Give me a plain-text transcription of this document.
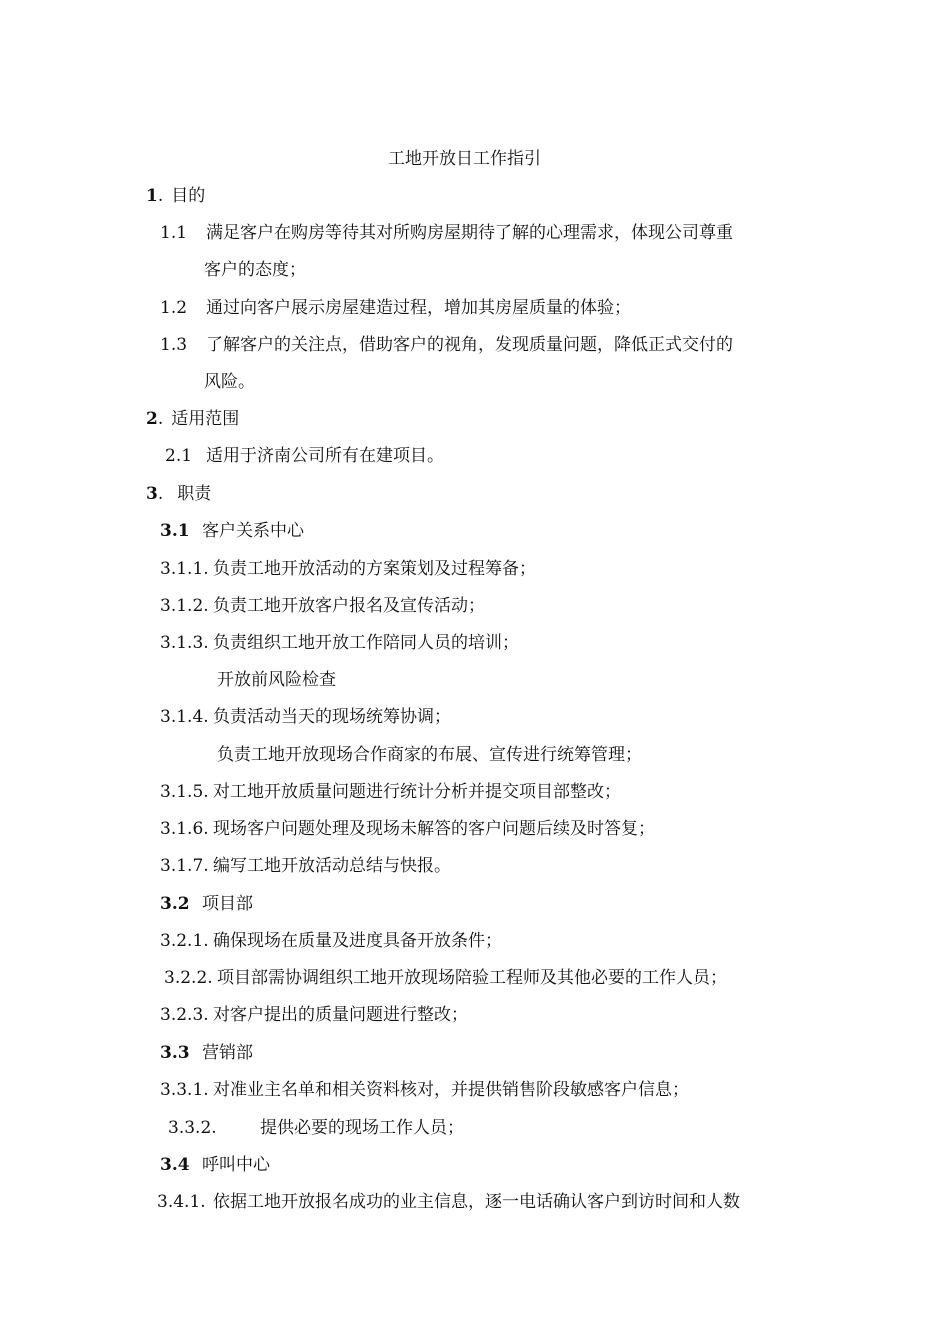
工地开放日工作指引
1. 目的
1.1 满足客户在购房等待其对所购房屋期待了解的心理需求，体现公司尊重
客户的态度；
1.2 通过向客户展示房屋建造过程，增加其房屋质量的体验；
1.3 了解客户的关注点，借助客户的视角，发现质量问题，降低正式交付的
风险。
2. 适用范围
2.1 适用于济南公司所有在建项目。
3. 职责
3.1 客户关系中心
3.1.1. 负责工地开放活动的方案策划及过程筹备；
3.1.2. 负责工地开放客户报名及宣传活动；
3.1.3. 负责组织工地开放工作陪同人员的培训；
开放前风险检查
3.1.4. 负责活动当天的现场统筹协调；
负责工地开放现场合作商家的布展、宣传进行统筹管理；
3.1.5. 对工地开放质量问题进行统计分析并提交项目部整改；
3.1.6. 现场客户问题处理及现场未解答的客户问题后续及时答复；
3.1.7. 编写工地开放活动总结与快报。
3.2 项目部
3.2.1. 确保现场在质量及进度具备开放条件；
3.2.2. 项目部需协调组织工地开放现场陪验工程师及其他必要的工作人员；
3.2.3. 对客户提出的质量问题进行整改；
3.3 营销部
3.3.1. 对准业主名单和相关资料核对，并提供销售阶段敏感客户信息；
3.3.2.	提供必要的现场工作人员；
3.4 呼叫中心
3.4.1. 依据工地开放报名成功的业主信息，逐一电话确认客户到访时间和人数
